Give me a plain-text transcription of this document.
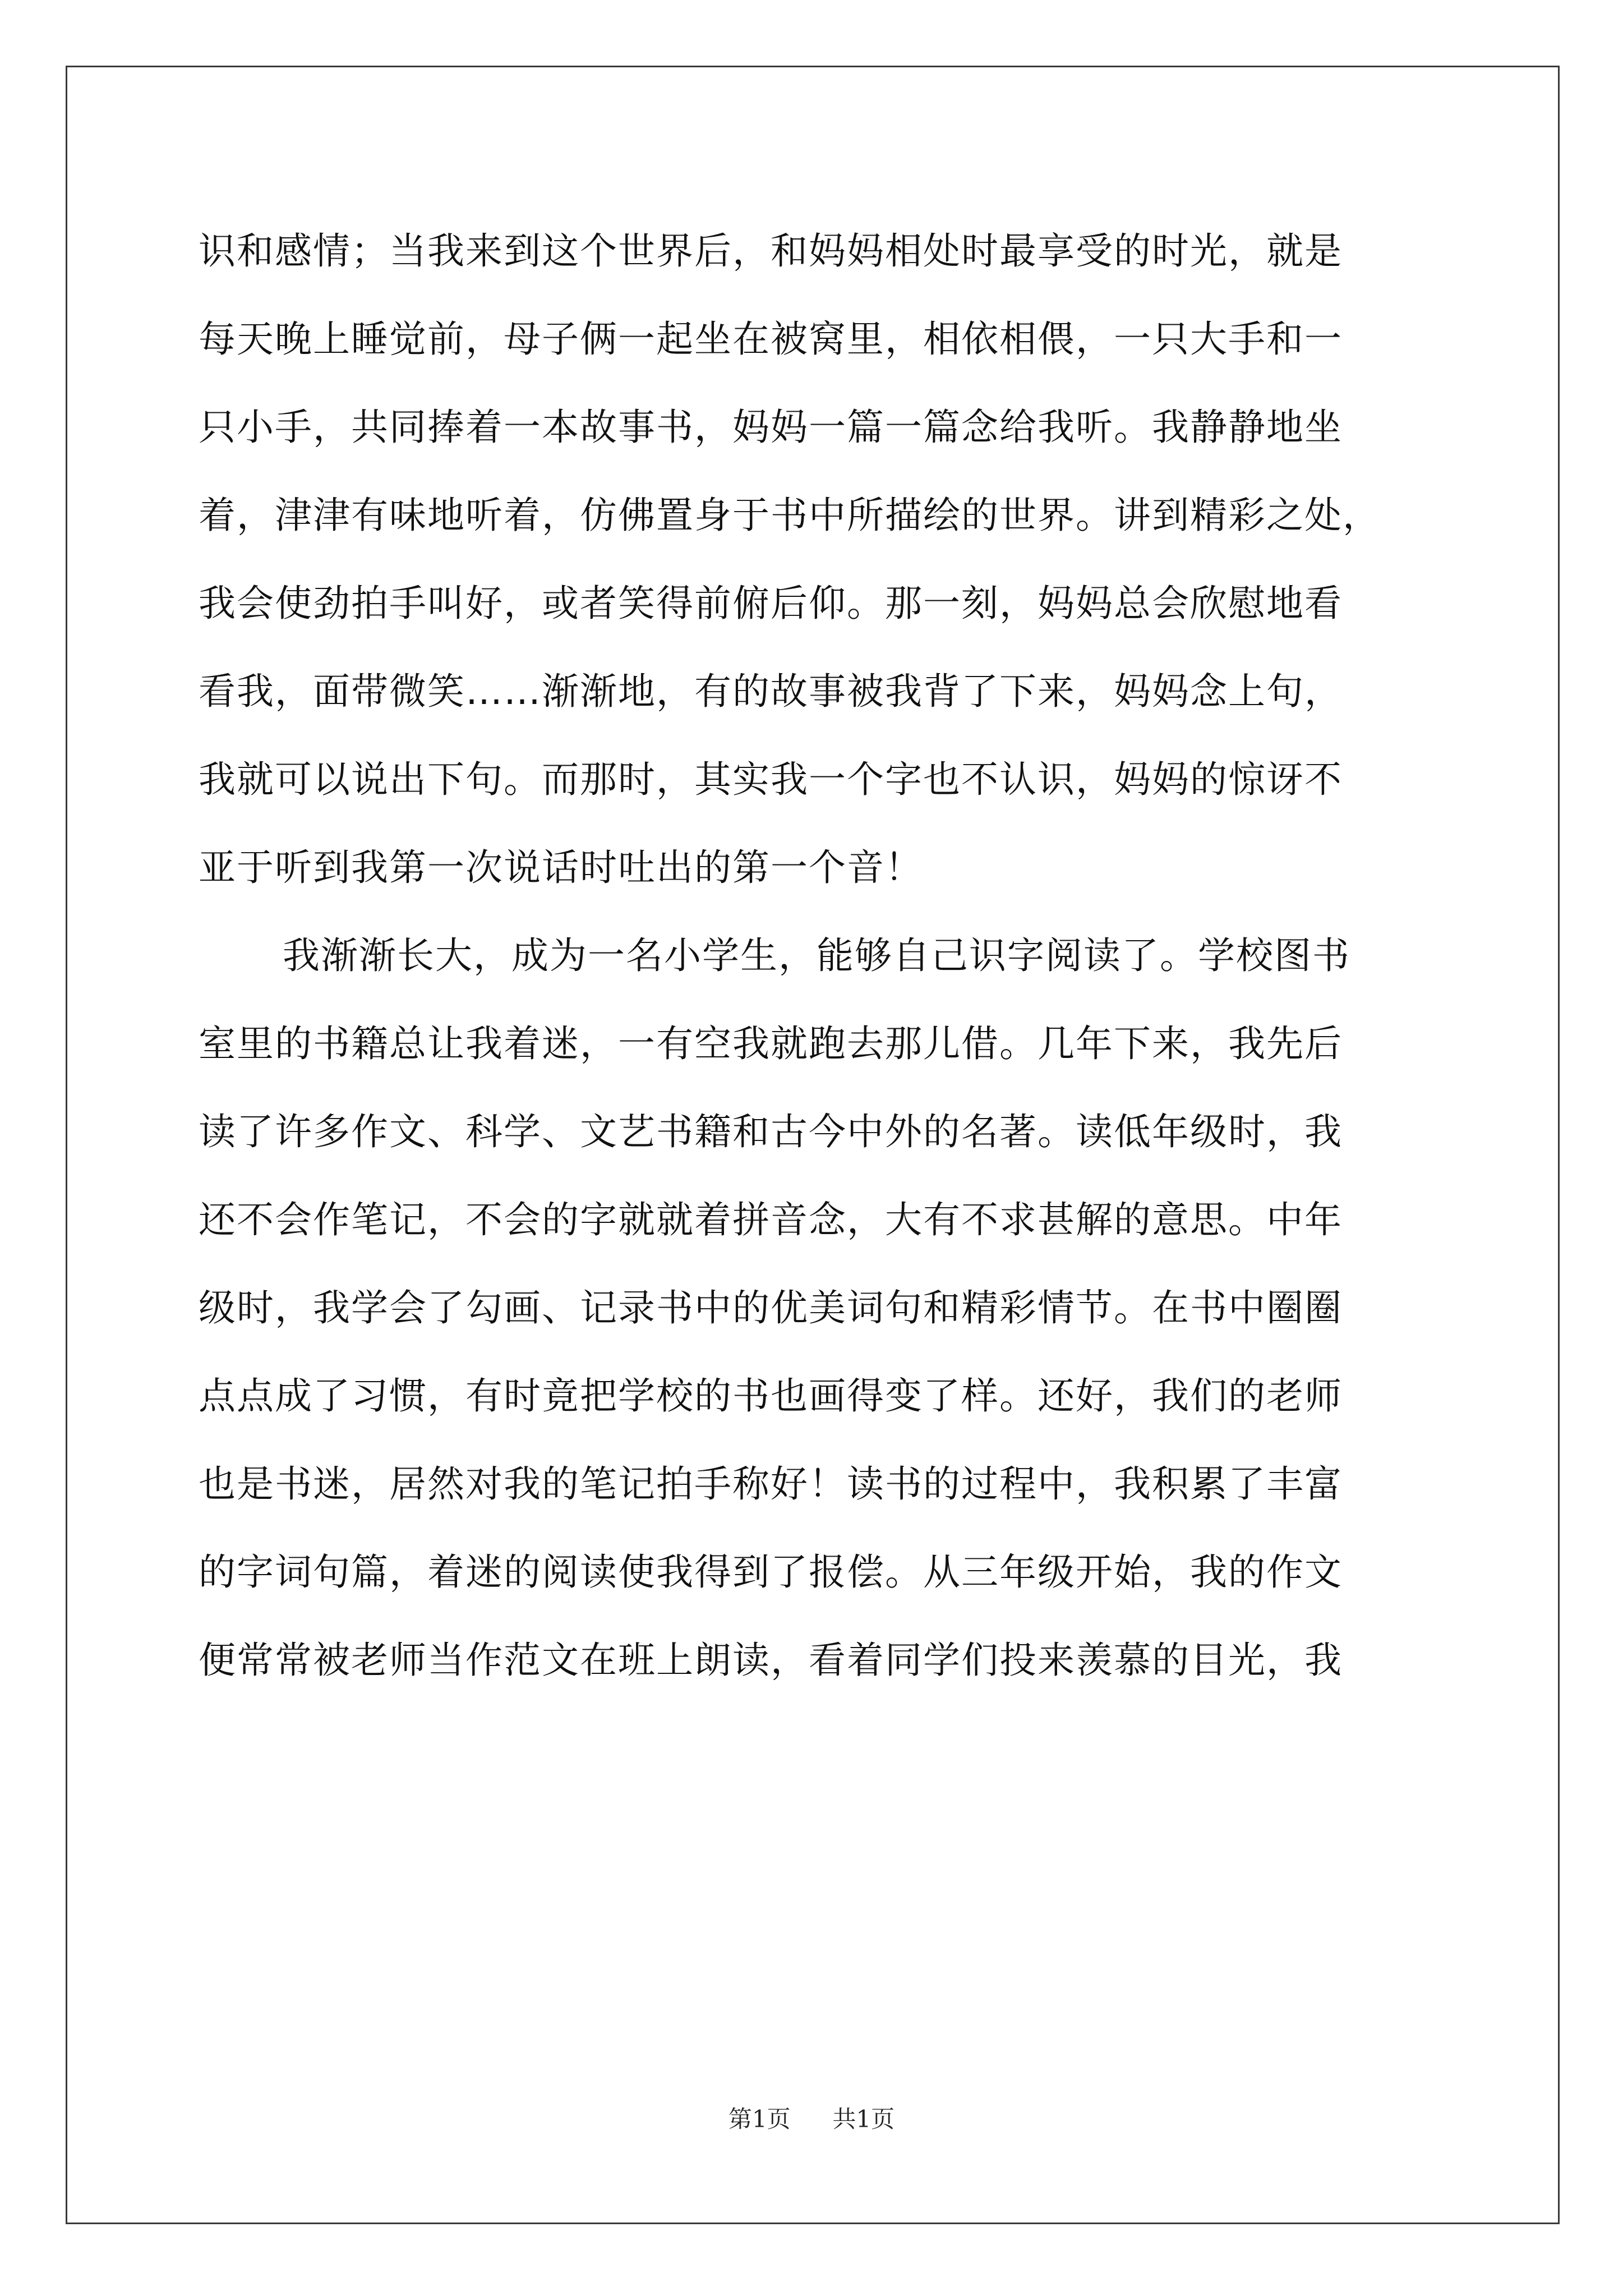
识和感情；当我来到这个世界后，和妈妈相处时最享受的时光，就是
每天晚上睡觉前，母子俩一起坐在被窝里，相依相偎，一只大手和一
只小手，共同捧着一本故事书，妈妈一篇一篇念给我听。我静静地坐
着，津津有味地听着，仿佛置身于书中所描绘的世界。讲到精彩之处，
我会使劲拍手叫好，或者笑得前俯后仰。那一刻，妈妈总会欣慰地看
看我，面带微笑……渐渐地，有的故事被我背了下来，妈妈念上句，
我就可以说出下句。而那时，其实我一个字也不认识，妈妈的惊讶不
亚于听到我第一次说话时吐出的第一个音！
我渐渐长大，成为一名小学生，能够自己识字阅读了。学校图书
室里的书籍总让我着迷，一有空我就跑去那儿借。几年下来，我先后
读了许多作文、科学、文艺书籍和古今中外的名著。读低年级时，我
还不会作笔记，不会的字就就着拼音念，大有不求甚解的意思。中年
级时，我学会了勾画、记录书中的优美词句和精彩情节。在书中圈圈
点点成了习惯，有时竟把学校的书也画得变了样。还好，我们的老师
也是书迷，居然对我的笔记拍手称好！读书的过程中，我积累了丰富
的字词句篇，着迷的阅读使我得到了报偿。从三年级开始，我的作文
便常常被老师当作范文在班上朗读，看着同学们投来羡慕的目光，我
第1页 共1页
